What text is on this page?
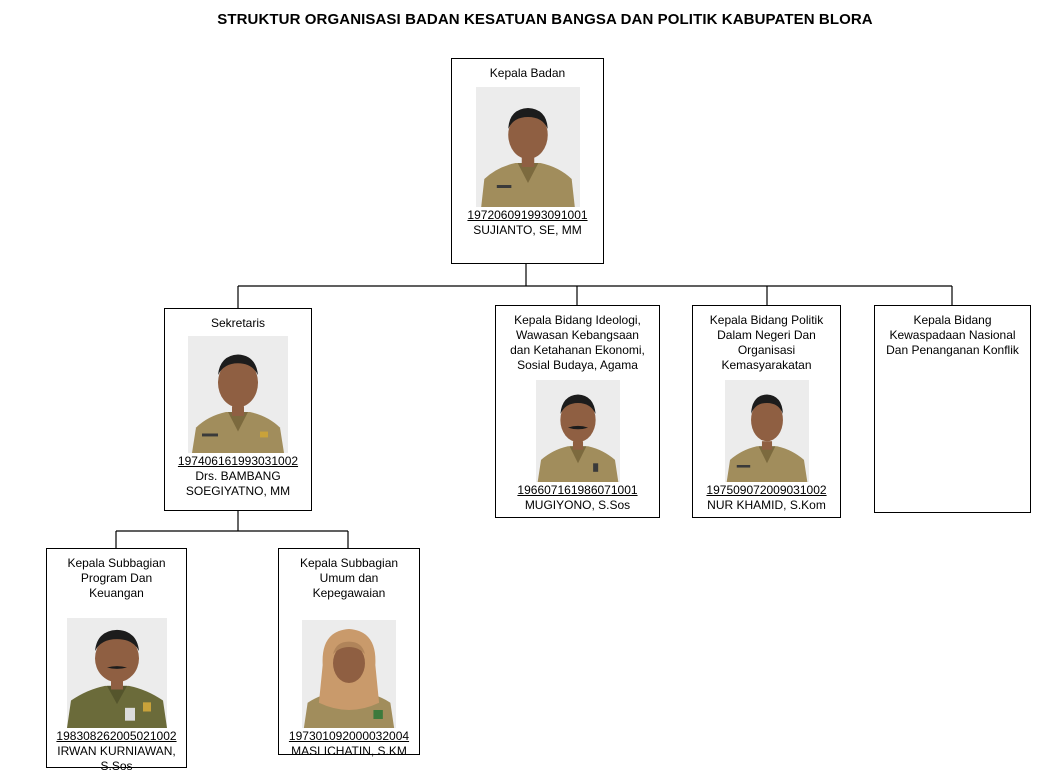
STRUKTUR ORGANISASI BADAN KESATUAN BANGSA DAN POLITIK KABUPATEN BLORA
Kepala Badan
197206091993091001
SUJIANTO, SE, MM
Sekretaris
197406161993031002
Drs. BAMBANG
SOEGIYATNO, MM
Kepala Bidang Ideologi,
Wawasan Kebangsaan
dan Ketahanan Ekonomi,
Sosial Budaya, Agama
196607161986071001
MUGIYONO, S.Sos
Kepala Bidang Politik
Dalam Negeri Dan
Organisasi
Kemasyarakatan
197509072009031002
NUR KHAMID, S.Kom
Kepala Bidang
Kewaspadaan Nasional
Dan Penanganan Konflik
Kepala Subbagian
Program Dan
Keuangan
198308262005021002
IRWAN KURNIAWAN,
S.Sos
Kepala Subbagian
Umum dan
Kepegawaian
197301092000032004
MASLICHATIN, S.KM
